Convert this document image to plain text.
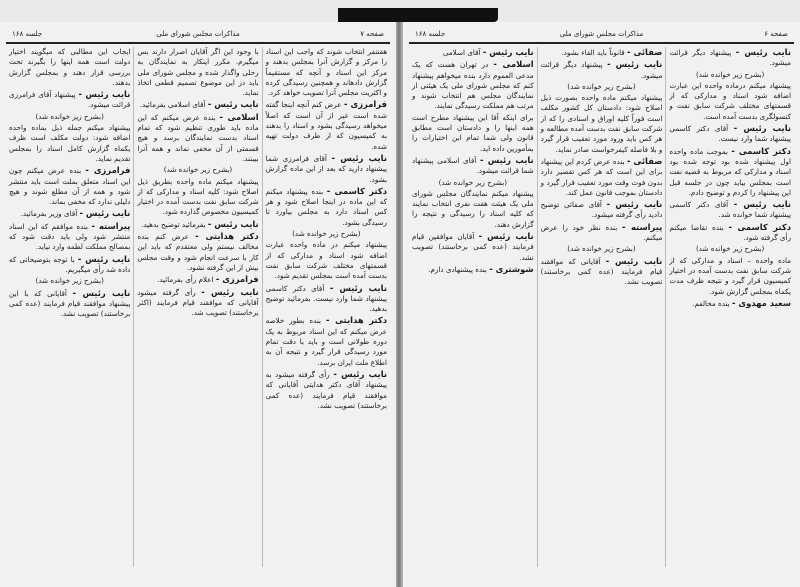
صفحه ۷
مذاکرات مجلس شورای ملی
جلسه ۱۶۸

هفتنفر انتخاب شوند که واجب این اسناد را مرکز و گزارش آنرا بمجلس بدهند و مرکز این اسناد و آنچه که مستقیماً گزارش دادهاند و همچنین رسیدگی کرده و اکثریت مجلس آنرا تصویب خواهد کرد.

فرامرزی - عرض کنم آنچه اینجا گفته شده است غیر از آن است که اصلاً میخواهد رسیدگی بشود و اسناد را بدهند به کمیسیون که از طرف دولت تهیه شده.

نایب رئیس - آقای فرامرزی شما پیشنهاد دارید که بعد از این ماده گزارش بشود.

دکتر کاسمی - بنده پیشنهاد میکنم که این ماده در اینجا اصلاح شود و هر کس اسناد دارد به مجلس بیاورد تا رسیدگی بشود.

(بشرح زیر خوانده شد)

پیشنهاد میکنم در ماده واحده عبارت اضافه شود اسناد و مدارکی که از قسمتهای مختلف شرکت سابق نفت بدست آمده است بمجلس تقدیم شود.

نایب رئیس - آقای دکتر کاسمی پیشنهاد شما وارد نیست. بفرمائید توضیح بدهید.

دکتر هدایتی - بنده بطور خلاصه عرض میکنم که این اسناد مربوط به یک دوره طولانی است و باید با دقت تمام مورد رسیدگی قرار گیرد و نتیجه آن به اطلاع ملت ایران برسد.

نایب رئیس - رأی گرفته میشود به پیشنهاد آقای دکتر هدایتی آقایانی که موافقند قیام فرمایند (عده کمی برخاستند) تصویب نشد.

با وجود این اگر آقایان اصرار دارند بس میگیرم. مکرر اینکار به نمایندگان به رحلی واگذار شده و مجلس شورای ملی باید در این موضوع تصمیم قطعی اتخاذ نماید.

نایب رئیس - آقای اسلامی بفرمائید.

اسلامی - بنده عرض میکنم که این ماده باید طوری تنظیم شود که تمام اسناد بدست نمایندگان برسد و هیچ قسمتی از آن مخفی نماند و همه آنرا ببینند.

(بشرح زیر خوانده شد)

پیشنهاد میکنم ماده واحده بطریق ذیل اصلاح شود: کلیه اسناد و مدارکی که از شرکت سابق نفت بدست آمده در اختیار کمیسیون مخصوص گذارده شود.

نایب رئیس - بفرمائید توضیح بدهید.

دکتر هدایتی - عرض کنم بنده مخالف نیستم ولی معتقدم که باید این کار با سرعت انجام شود و وقت مجلس بیش از این گرفته نشود.

فرامرزی - اعلام رأی بفرمائید.

نایب رئیس - رأی گرفته میشود آقایانی که موافقند قیام فرمایند (اکثر برخاستند) تصویب شد.

ایجاب این مطالبی که میگویند اختیار دولت است همه اینها را بگیرند تحت بررسی قرار دهند و بمجلس گزارش بدهند.

نایب رئیس - پیشنهاد آقای فرامرزی قرائت میشود.

(بشرح زیر خوانده شد)

پیشنهاد میکنم جمله ذیل بماده واحده اضافه شود: دولت مکلف است ظرف یکماه گزارش کامل اسناد را بمجلس تقدیم نماید.

فرامرزی - بنده عرض میکنم چون این اسناد متعلق بملت است باید منتشر شود و همه از آن مطلع شوند و هیچ دلیلی ندارد که مخفی بماند.

نایب رئیس - آقای وزیر بفرمائید.

پیراسته - بنده موافقم که این اسناد منتشر شود ولی باید دقت شود که بمصالح مملکت لطمه وارد نیاید.

نایب رئیس - با توجه بتوضیحاتی که داده شد رأی میگیریم.

(بشرح زیر خوانده شد)

نایب رئیس - آقایانی که با این پیشنهاد موافقند قیام فرمایند (عده کمی برخاستند) تصویب نشد.

صفحه ۶
مذاکرات مجلس شورای ملی
جلسه ۱۶۸

نایب رئیس - پیشنهاد دیگر قرائت میشود.

(بشرح زیر خوانده شد)

پیشنهاد میکنم درماده واحده این عبارت اضافه شود اسناد و مدارکی که از قسمتهای مختلف شرکت سابق نفت و کنسولگری بدست آمده است.

نایب رئیس - آقای دکتر کاسمی پیشنهاد شما وارد نیست.

دکتر کاسمی - بموجب ماده واحده اول پیشنهاد شده بود توجه شده بود اسناد و مدارکی که مربوط به قضیه نفت است بمجلس بیاید چون در جلسه قبل این پیشنهاد را کردم و توضیح دادم.

نایب رئیس - آقای دکتر کاسمی پیشنهاد شما خوانده شد.

دکتر کاسمی - بنده تقاضا میکنم رأی گرفته شود.

(بشرح زیر خوانده شد)

ماده واحده – اسناد و مدارکی که از شرکت سابق نفت بدست آمده در اختیار کمیسیون قرار گیرد و نتیجه ظرف مدت یکماه بمجلس گزارش شود.

سعید مهدوی - بنده مخالفم.

صفائی - قانوناً باید القاء بشود.

نایب رئیس - پیشنهاد دیگر قرائت میشود.

(بشرح زیر خوانده شد)

پیشنهاد میکنم ماده واحده بصورت ذیل اصلاح شود: دادستان کل کشور مکلف است فوراً کلیه اوراق و اسنادی را که از شرکت سابق نفت بدست آمده مطالعه و هر کس باید ورود مورد تعقیب قرار گیرد و بلا فاصله کیفرخواست صادر نماید.

صفائی - بنده عرض کردم این پیشنهاد برای این است که هر کس تقصیر دارد بدون فوت وقت مورد تعقیب قرار گیرد و دادستان بموجب قانون عمل کند.

نایب رئیس - آقای صفائی توضیح دادید رأی گرفته میشود.

پیراسته - بنده نظر خود را عرض میکنم.

(بشرح زیر خوانده شد)

نایب رئیس - آقایانی که موافقند قیام فرمایند (عده کمی برخاستند) تصویب نشد.

نایب رئیس - آقای اسلامی

اسلامی - در تهران هست که یک مدعی العموم دارد بنده میخواهم پیشنهاد کنم که مجلس شورای ملی یک هیئتی از نمایندگان مجلس هم انتخاب شوند و مرتب هم مملکت رسیدگی نمایند.

برای اینکه آقا این پیشنهاد مطرح است همه اینها را و دادستان است مطابق قانون ولی شما تمام این اختیارات را بمأمورین داده اید.

نایب رئیس - آقای اسلامی پیشنهاد شما قرائت میشود.

(بشرح زیر خوانده شد)

پیشنهاد میکنم نمایندگان مجلس شورای ملی یک هیئت هفت نفری انتخاب نمایند که کلیه اسناد را رسیدگی و نتیجه را گزارش دهند.

نایب رئیس - آقایان موافقین قیام فرمایند (عده کمی برخاستند) تصویب نشد.

شوشتری - بنده پیشنهادی دارم.
